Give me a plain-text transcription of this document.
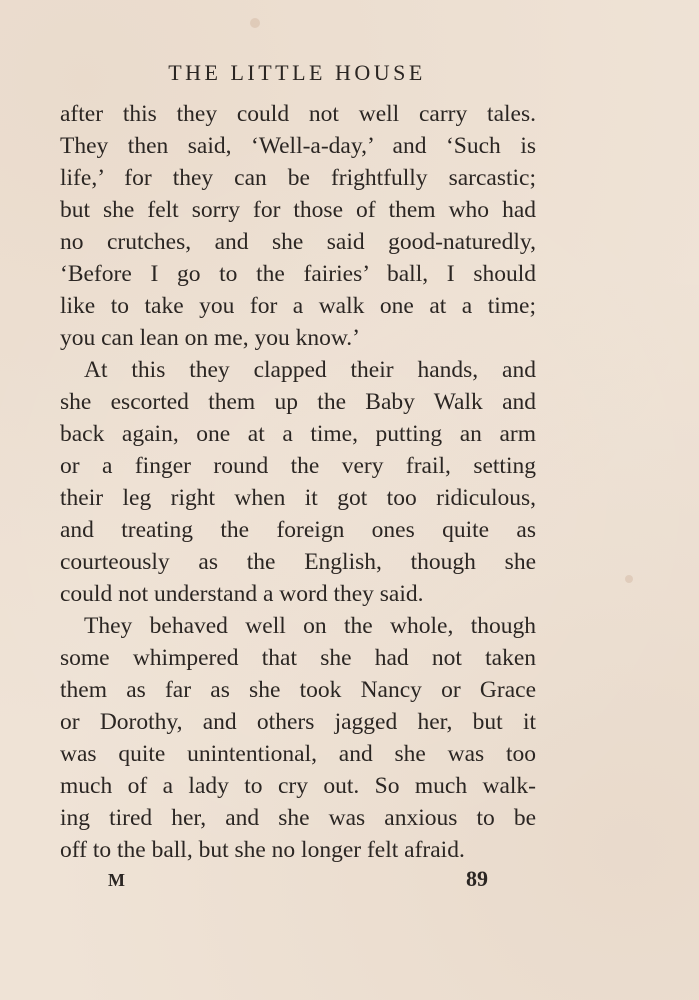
THE LITTLE HOUSE
after this they could not well carry tales.
They then said, ‘Well-a-day,’ and ‘Such is
life,’ for they can be frightfully sarcastic;
but she felt sorry for those of them who had
no crutches, and she said good-naturedly,
‘Before I go to the fairies’ ball, I should
like to take you for a walk one at a time;
you can lean on me, you know.’
At this they clapped their hands, and
she escorted them up the Baby Walk and
back again, one at a time, putting an arm
or a finger round the very frail, setting
their leg right when it got too ridiculous,
and treating the foreign ones quite as
courteously as the English, though she
could not understand a word they said.
They behaved well on the whole, though
some whimpered that she had not taken
them as far as she took Nancy or Grace
or Dorothy, and others jagged her, but it
was quite unintentional, and she was too
much of a lady to cry out. So much walk-
ing tired her, and she was anxious to be
off to the ball, but she no longer felt afraid.
M	89
